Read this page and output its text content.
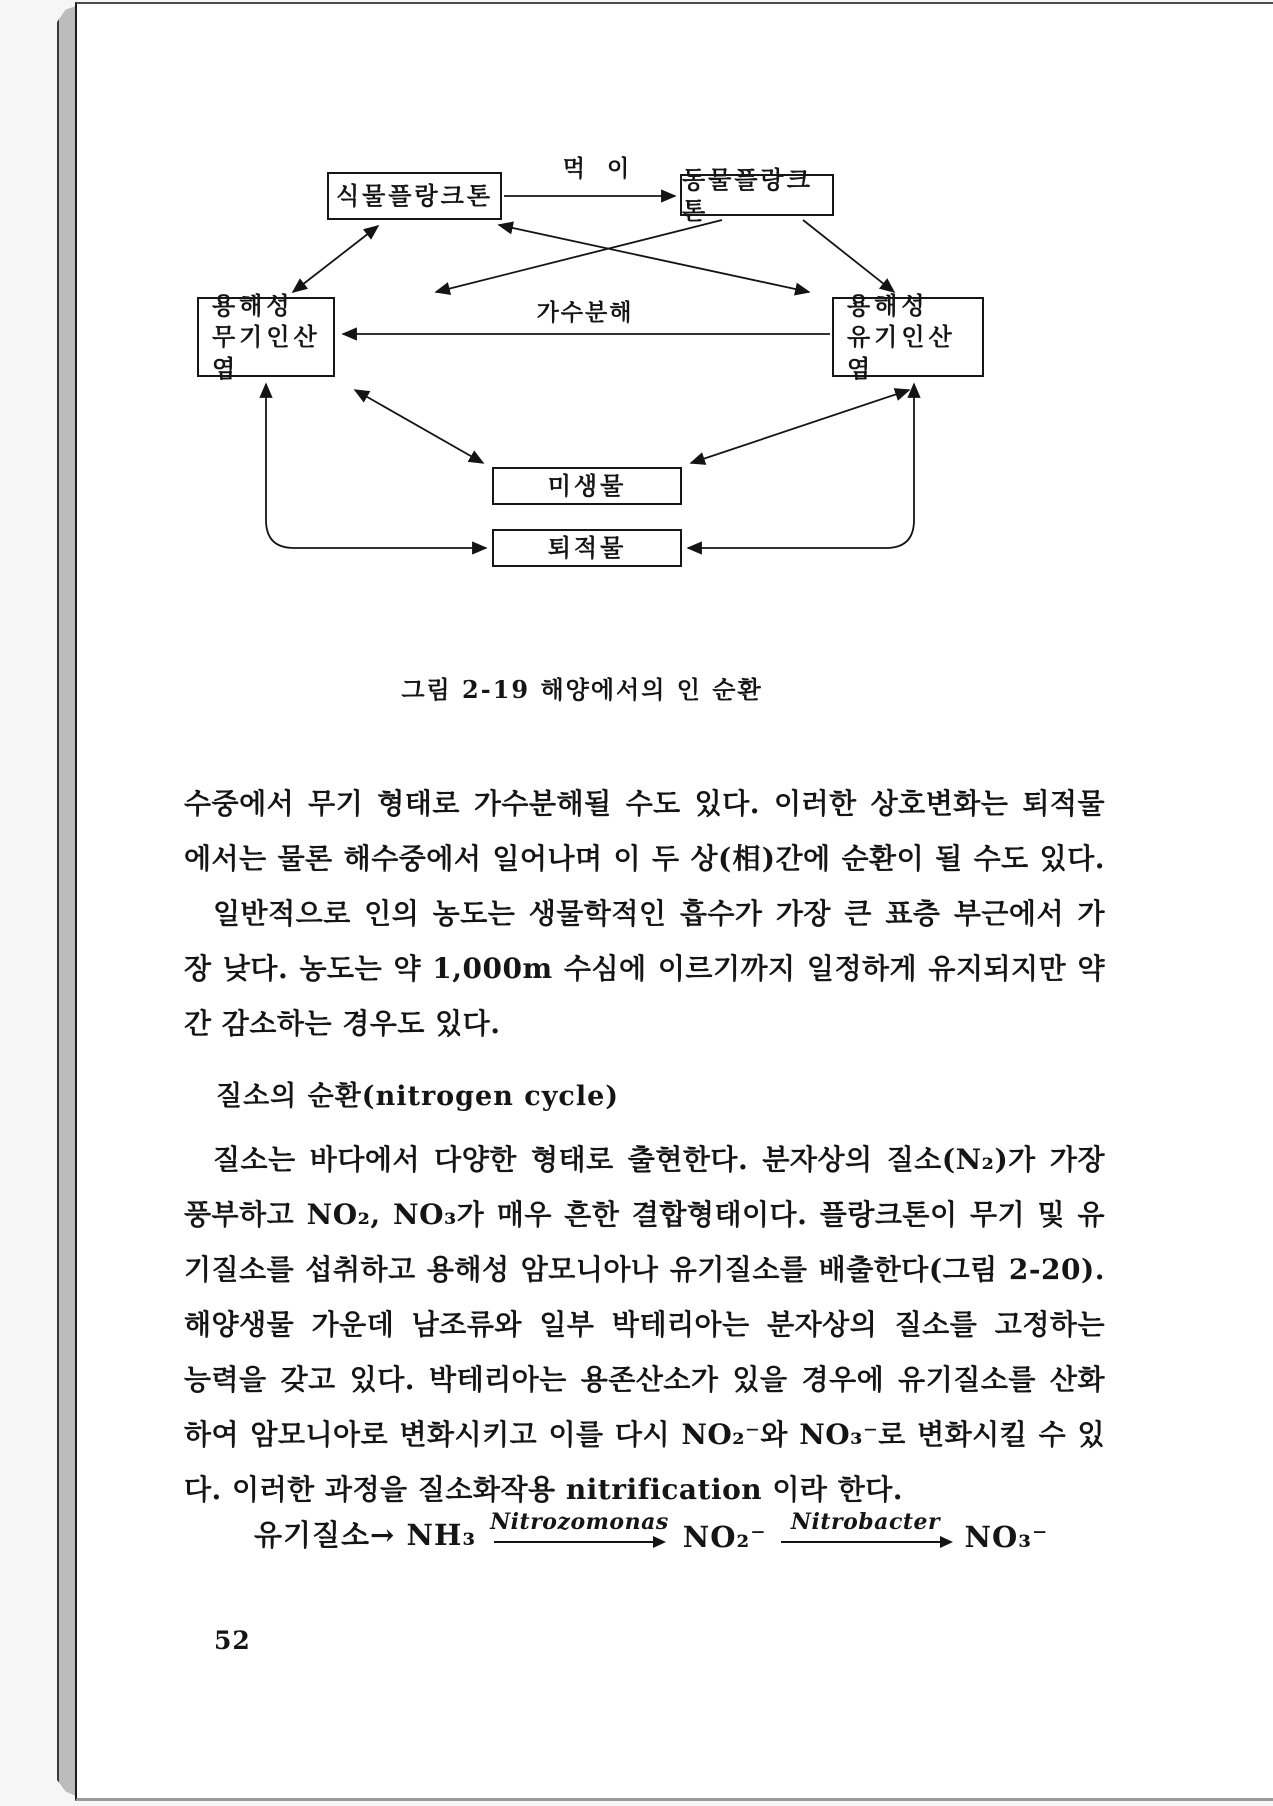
식물플랑크톤
동물플랑크톤
먹  이
용해성
무기인산염
용해성
유기인산염
가수분해
미생물
퇴적물
그림 2-19 해양에서의 인 순환
수중에서 무기 형태로 가수분해될 수도 있다. 이러한 상호변화는 퇴적물
에서는 물론 해수중에서 일어나며 이 두 상(相)간에 순환이 될 수도 있다.
일반적으로 인의 농도는 생물학적인 흡수가 가장 큰 표층 부근에서 가
장 낮다. 농도는 약 1,000m 수심에 이르기까지 일정하게 유지되지만 약
간 감소하는 경우도 있다.
질소의 순환(nitrogen cycle)
질소는 바다에서 다양한 형태로 출현한다. 분자상의 질소(N₂)가 가장
풍부하고 NO₂, NO₃가 매우 흔한 결합형태이다. 플랑크톤이 무기 및 유
기질소를 섭취하고 용해성 암모니아나 유기질소를 배출한다(그림 2-20).
해양생물 가운데 남조류와 일부 박테리아는 분자상의 질소를 고정하는
능력을 갖고 있다. 박테리아는 용존산소가 있을 경우에 유기질소를 산화
하여 암모니아로 변화시키고 이를 다시 NO₂⁻와 NO₃⁻로 변화시킬 수 있
다. 이러한 과정을 질소화작용 nitrification 이라 한다.
유기질소→ NH₃ Nitrozomonas NO₂⁻ Nitrobacter NO₃⁻
52
